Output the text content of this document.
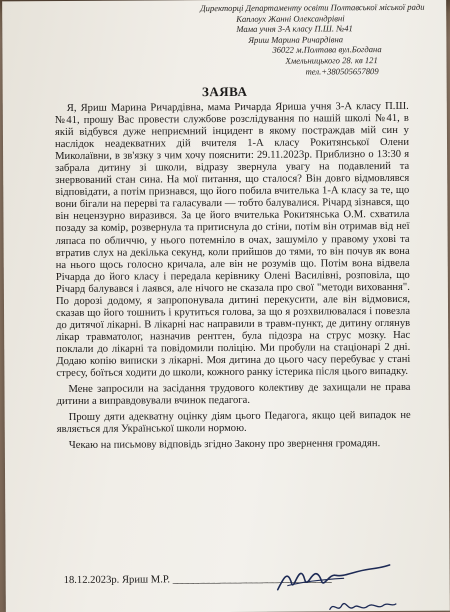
Директорці Департаменту освіти Полтавської міської ради
Каплоух Жанні Олександрівні
Мама учня 3-А класу П.Ш. №41
Яриш Марина Ричардівна
36022 м.Полтава вул.Богдана
Хмельницького 28. кв 121
тел.+380505657809
ЗАЯВА

Я, Яриш Марина Ричардівна, мама Ричарда Яриша учня 3-А класу П.Ш. №41, прошу Вас провести службове розслідування по нашій школі №41, в якій відбувся дуже неприємний інцидент в якому постраждав мій син у наслідок неадекватних дій вчителя 1-А класу Рокитянської Олени Миколаївни, в зв'язку з чим хочу пояснити: 29.11.2023р. Приблизно о 13:30 я забрала дитину зі школи, відразу звернула увагу на подавлений та знервований стан сина. На мої питання, що сталося? Він довго відмовлявся відповідати, а потім признався, що його побила вчителька 1-А класу за те, що вони бігали на перерві та галасували — тобто балувалися. Річард зізнався, що він нецензурно виразився. За це його вчителька Рокитянська О.М. схватила позаду за комір, розвернула та притиснула до стіни, потім він отримав від неї ляпаса по обличчю, у нього потемніло в очах, зашуміло у правому ухові та втратив слух на декілька секунд, коли прийшов до тями, то він почув як вона на нього щось голосно кричала, але він не розумів що. Потім вона відвела Річарда до його класу і передала керівнику Олені Василівні, розповіла, що Річард балувався і лаявся, але нічого не сказала про свої "методи виховання". По дорозі додому, я запропонувала дитині перекусити, але він відмовися, сказав що його тошнить і крутиться голова, за що я розхвилювалася і повезла до дитячої лікарні. В лікарні нас направили в травм-пункт, де дитину оглянув лікар травматолог, назначив рентген, була підозра на струс мозку. Нас поклали до лікарні та повідомили поліцію. Ми пробули на стаціонарі 2 дні. Додаю копію виписки з лікарні. Моя дитина до цього часу перебуває у стані стресу, боїться ходити до школи, кожного ранку істерика після цього випадку.

Мене запросили на засідання трудового колективу де захищали не права дитини а виправдовували вчинок педагога.

Прошу дяти адекватну оцінку діям цього Педагога, якщо цей випадок не являється для Української школи нормою.

Чекаю на письмову відповідь згідно Закону про звернення громадян.

18.12.2023р. Яриш М.Р. ______________________________
